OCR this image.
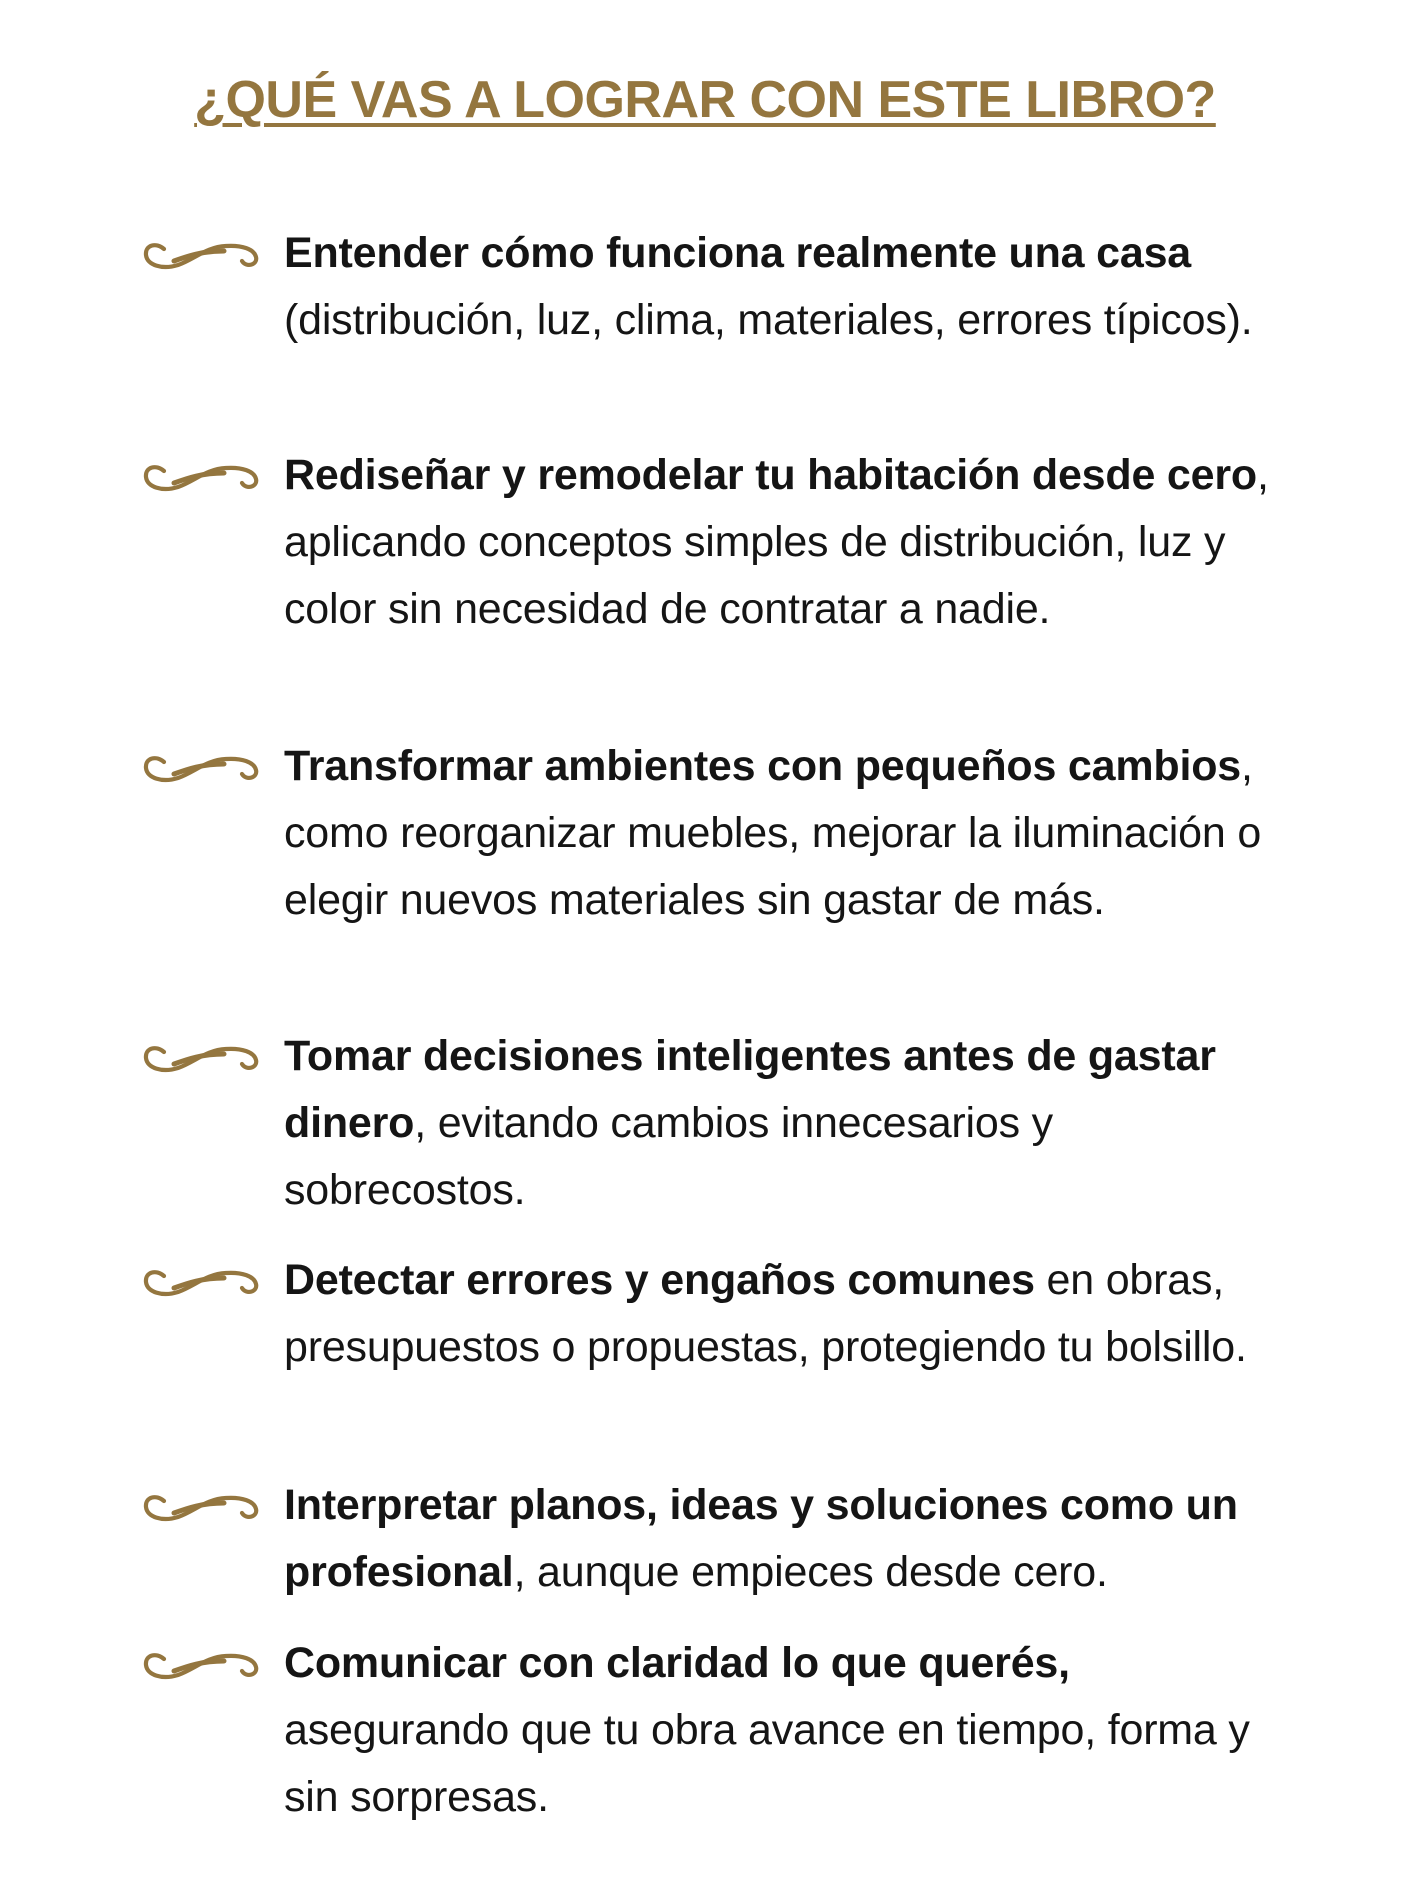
¿QUÉ VAS A LOGRAR CON ESTE LIBRO?

Entender cómo funciona realmente una casa (distribución, luz, clima, materiales, errores típicos).

Rediseñar y remodelar tu habitación desde cero, aplicando conceptos simples de distribución, luz y color sin necesidad de contratar a nadie.

Transformar ambientes con pequeños cambios, como reorganizar muebles, mejorar la iluminación o elegir nuevos materiales sin gastar de más.

Tomar decisiones inteligentes antes de gastar dinero, evitando cambios innecesarios y sobrecostos.

Detectar errores y engaños comunes en obras, presupuestos o propuestas, protegiendo tu bolsillo.

Interpretar planos, ideas y soluciones como un profesional, aunque empieces desde cero.

Comunicar con claridad lo que querés, asegurando que tu obra avance en tiempo, forma y sin sorpresas.
